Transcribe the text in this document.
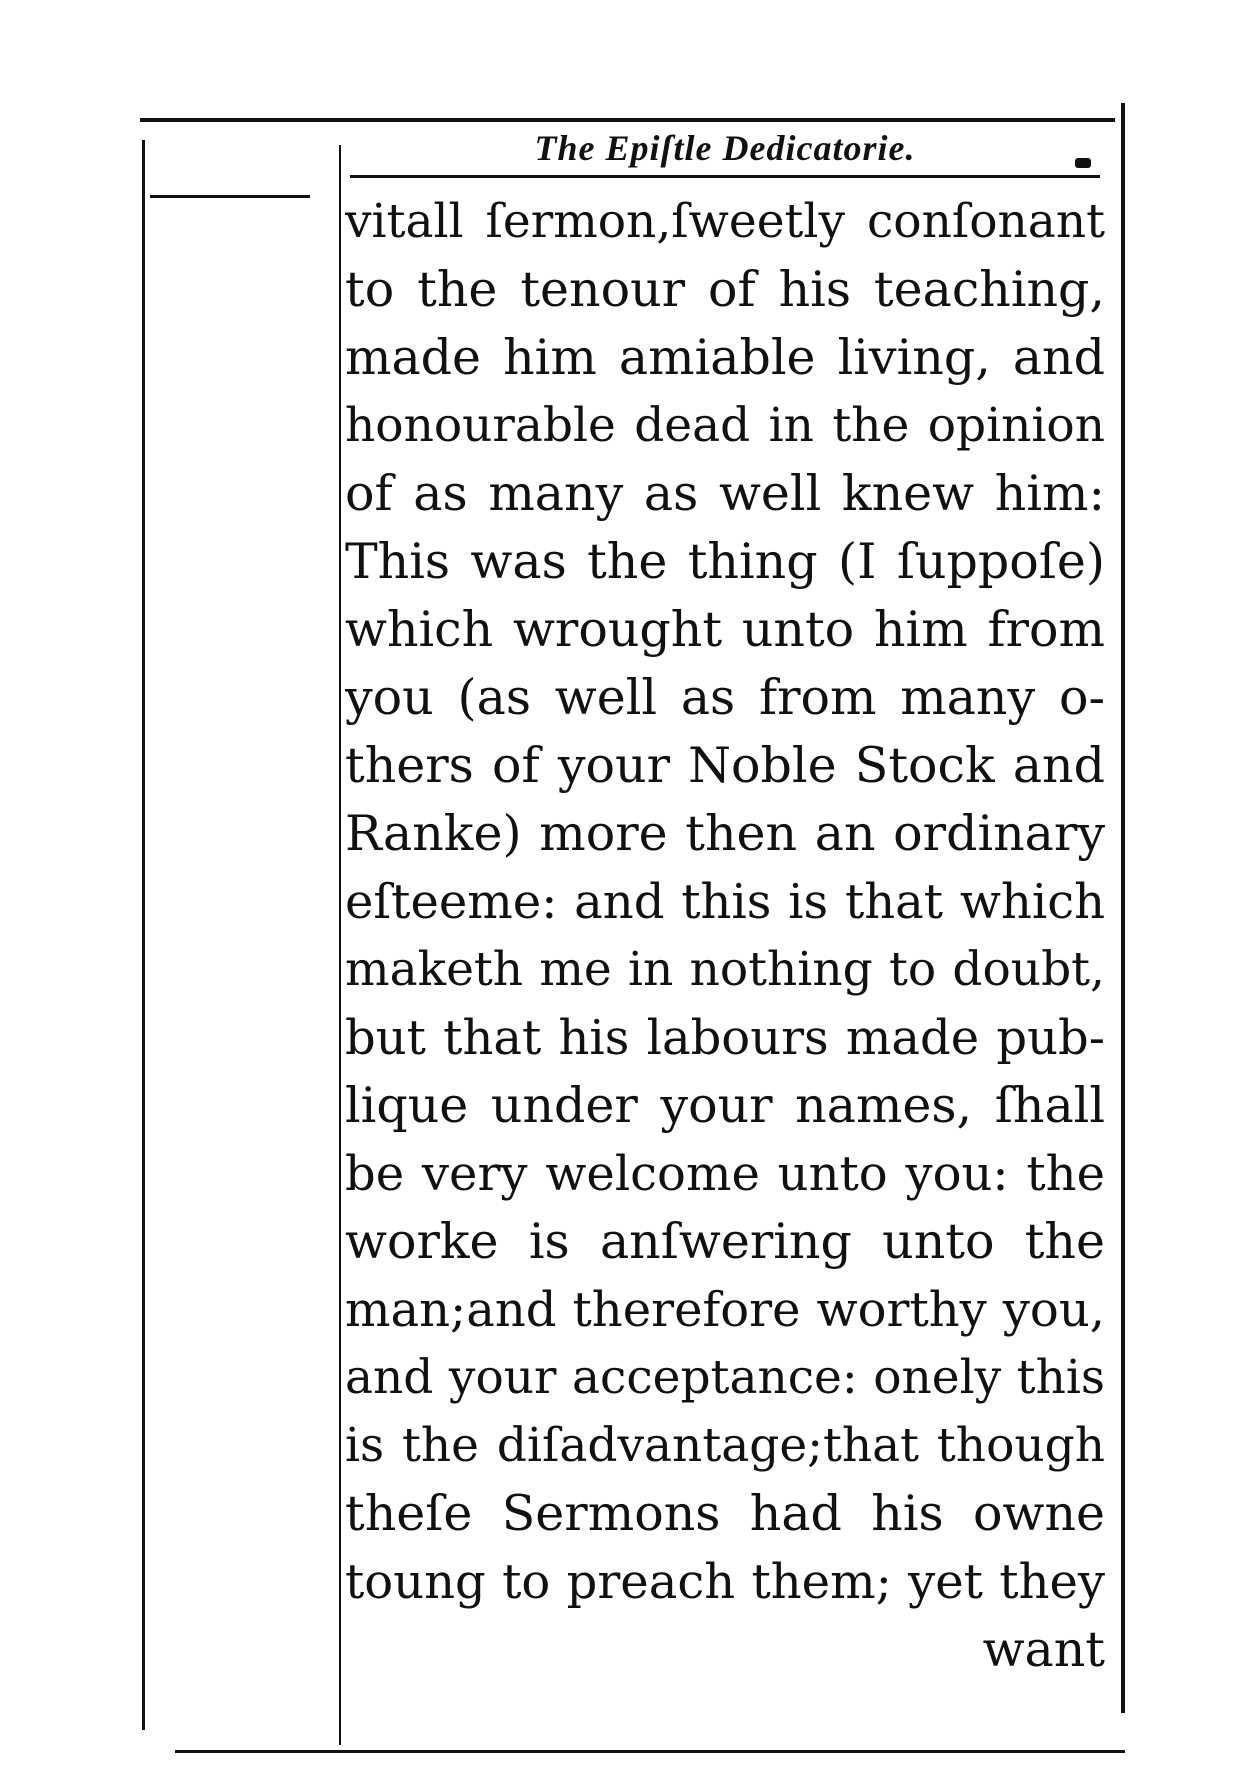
The Epiſtle Dedicatorie.
vitall ſermon,ſweetly conſonant
to the tenour of his teaching,
made him amiable living, and
honourable dead in the opinion
of as many as well knew him:
This was the thing (I ſuppoſe)
which wrought unto him from
you (as well as from many o-
thers of your Noble Stock and
Ranke) more then an ordinary
eſteeme: and this is that which
maketh me in nothing to doubt,
but that his labours made pub-
lique under your names, ſhall
be very welcome unto you: the
worke is anſwering unto the
man;and therefore worthy you,
and your acceptance: onely this
is the diſadvantage;that though
theſe Sermons had his owne
toung to preach them; yet they
want
